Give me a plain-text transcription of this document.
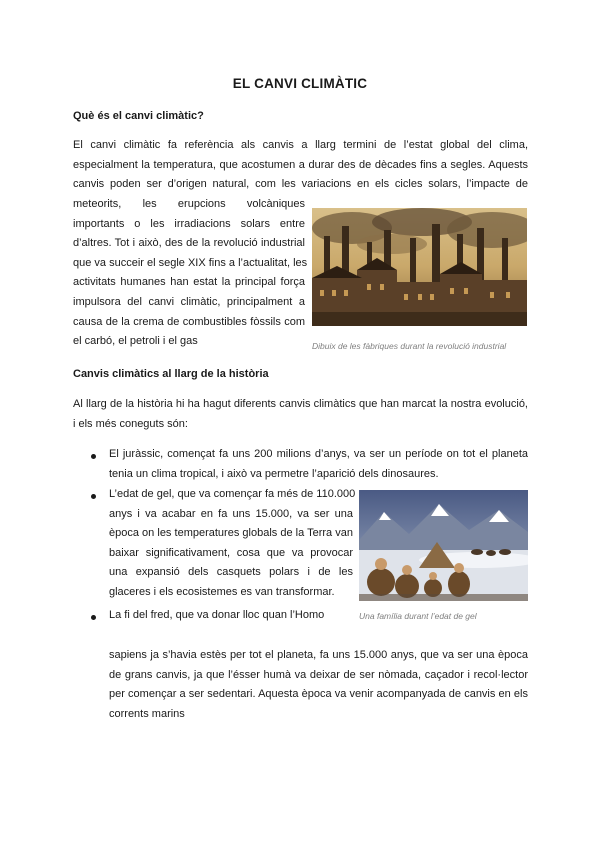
EL CANVI CLIMÀTIC
Què és el canvi climàtic?
El canvi climàtic fa referència als canvis a llarg termini de l’estat global del clima,
especialment la temperatura, que acostumen a durar des de dècades fins a segles. Aquests
canvis poden ser d’origen natural, com les variacions en els cicles solars, l’impacte de
meteorits, les erupcions volcàniques
importants o les irradiacions solars entre
d’altres. Tot i això, des de la revolució industrial
que va succeir el segle XIX fins a l’actualitat, les
activitats humanes han estat la principal força
impulsora del canvi climàtic, principalment a
causa de la crema de combustibles fòssils com
el carbó, el petroli i el gas	Dibuix de les fàbriques durant la revolució industrial
Canvis climàtics al llarg de la història
Al llarg de la història hi ha hagut diferents canvis climàtics que han marcat la nostra evolució,
i els més coneguts són:
El juràssic, començat fa uns 200 milions d’anys, va ser un període on tot el planeta
tenia un clima tropical, i això va permetre l’aparició dels dinosaures.
L’edat de gel, que va començar fa més de 110.000
anys i va acabar en fa uns 15.000, va ser una
època on les temperatures globals de la Terra van
baixar significativament, cosa que va provocar
una expansió dels casquets polars i de les
glaceres i els ecosistemes es van transformar.
Una família durant l’edat de gel
La fi del fred, que va donar lloc quan l’Homo
sapiens ja s’havia estès per tot el planeta, fa uns 15.000 anys, que va ser una època
de grans canvis, ja que l’ésser humà va deixar de ser nòmada, caçador i recol·lector
per començar a ser sedentari. Aquesta època va venir acompanyada de canvis en els
corrents marins
